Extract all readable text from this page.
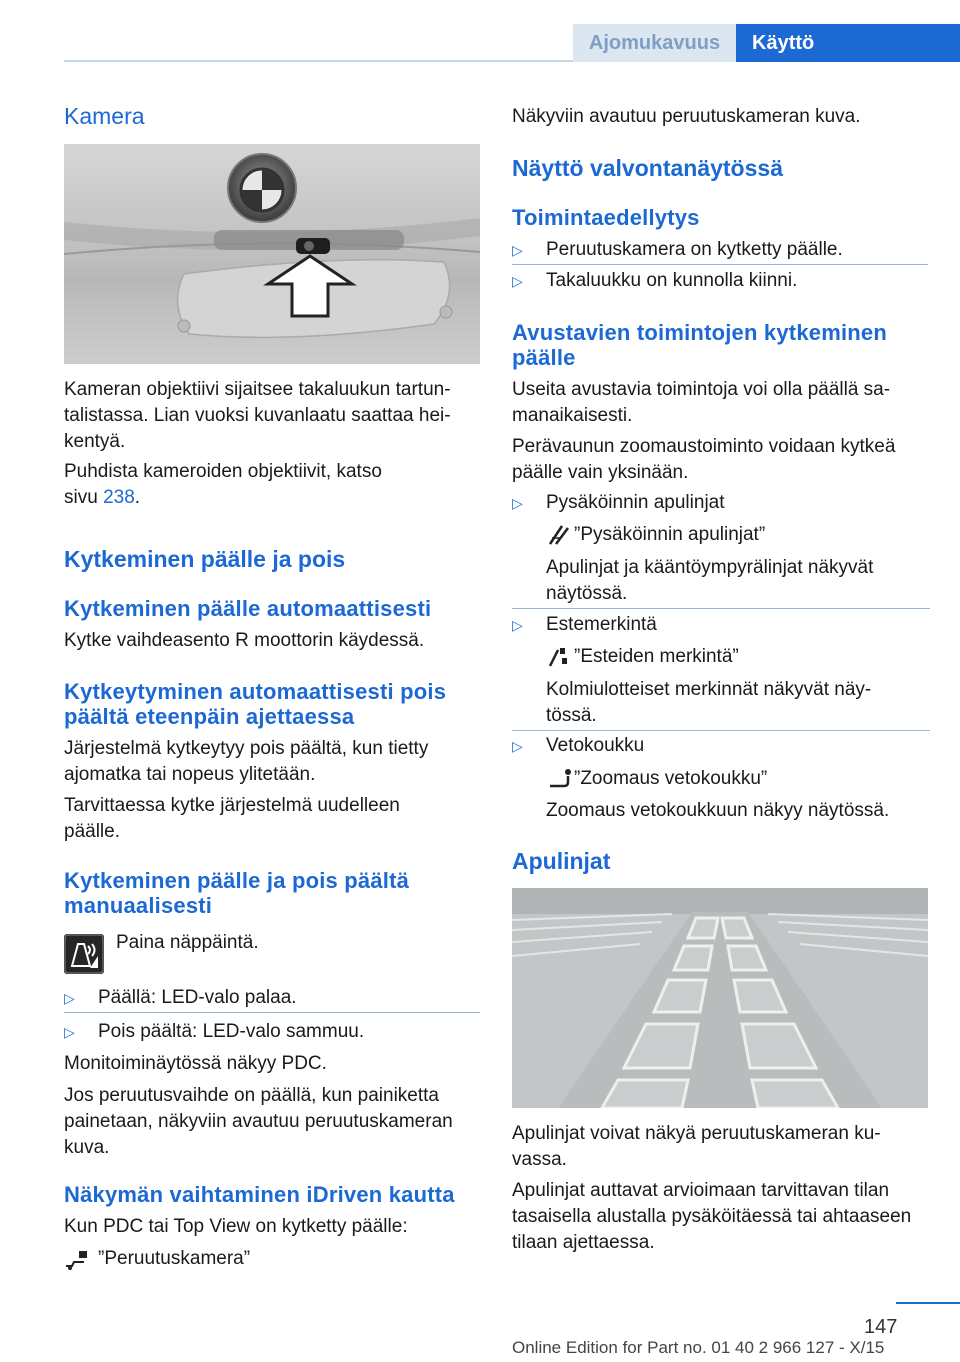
Ajomukavuus	Käyttö
Kamera
Kameran objektiivi sijaitsee takaluukun tartun-
talistassa. Lian vuoksi kuvanlaatu saattaa hei-
kentyä.
Puhdista kameroiden objektiivit, katso
sivu 238.
Kytkeminen päälle ja pois
Kytkeminen päälle automaattisesti
Kytke vaihdeasento R moottorin käydessä.
Kytkeytyminen automaattisesti pois
päältä eteenpäin ajettaessa
Järjestelmä kytkeytyy pois päältä, kun tietty
ajomatka tai nopeus ylitetään.
Tarvittaessa kytke järjestelmä uudelleen
päälle.
Kytkeminen päälle ja pois päältä
manuaalisesti
Paina näppäintä.
▷	Päällä: LED-valo palaa.
▷	Pois päältä: LED-valo sammuu.
Monitoiminäytössä näkyy PDC.
Jos peruutusvaihde on päällä, kun painiketta
painetaan, näkyviin avautuu peruutuskameran
kuva.
Näkymän vaihtaminen iDriven kautta
Kun PDC tai Top View on kytketty päälle:
”Peruutuskamera”
Näkyviin avautuu peruutuskameran kuva.
Näyttö valvontanäytössä
Toimintaedellytys
▷	Peruutuskamera on kytketty päälle.
▷	Takaluukku on kunnolla kiinni.
Avustavien toimintojen kytkeminen
päälle
Useita avustavia toimintoja voi olla päällä sa-
manaikaisesti.
Perävaunun zoomaustoiminto voidaan kytkeä
päälle vain yksinään.
▷	Pysäköinnin apulinjat
”Pysäköinnin apulinjat”
Apulinjat ja kääntöympyrälinjat näkyvät
näytössä.
▷	Estemerkintä
”Esteiden merkintä”
Kolmiulotteiset merkinnät näkyvät näy-
tössä.
▷	Vetokoukku
”Zoomaus vetokoukku”
Zoomaus vetokoukkuun näkyy näytössä.
Apulinjat
Apulinjat voivat näkyä peruutuskameran ku-
vassa.
Apulinjat auttavat arvioimaan tarvittavan tilan
tasaisella alustalla pysäköitäessä tai ahtaaseen
tilaan ajettaessa.
147
Online Edition for Part no. 01 40 2 966 127 - X/15
